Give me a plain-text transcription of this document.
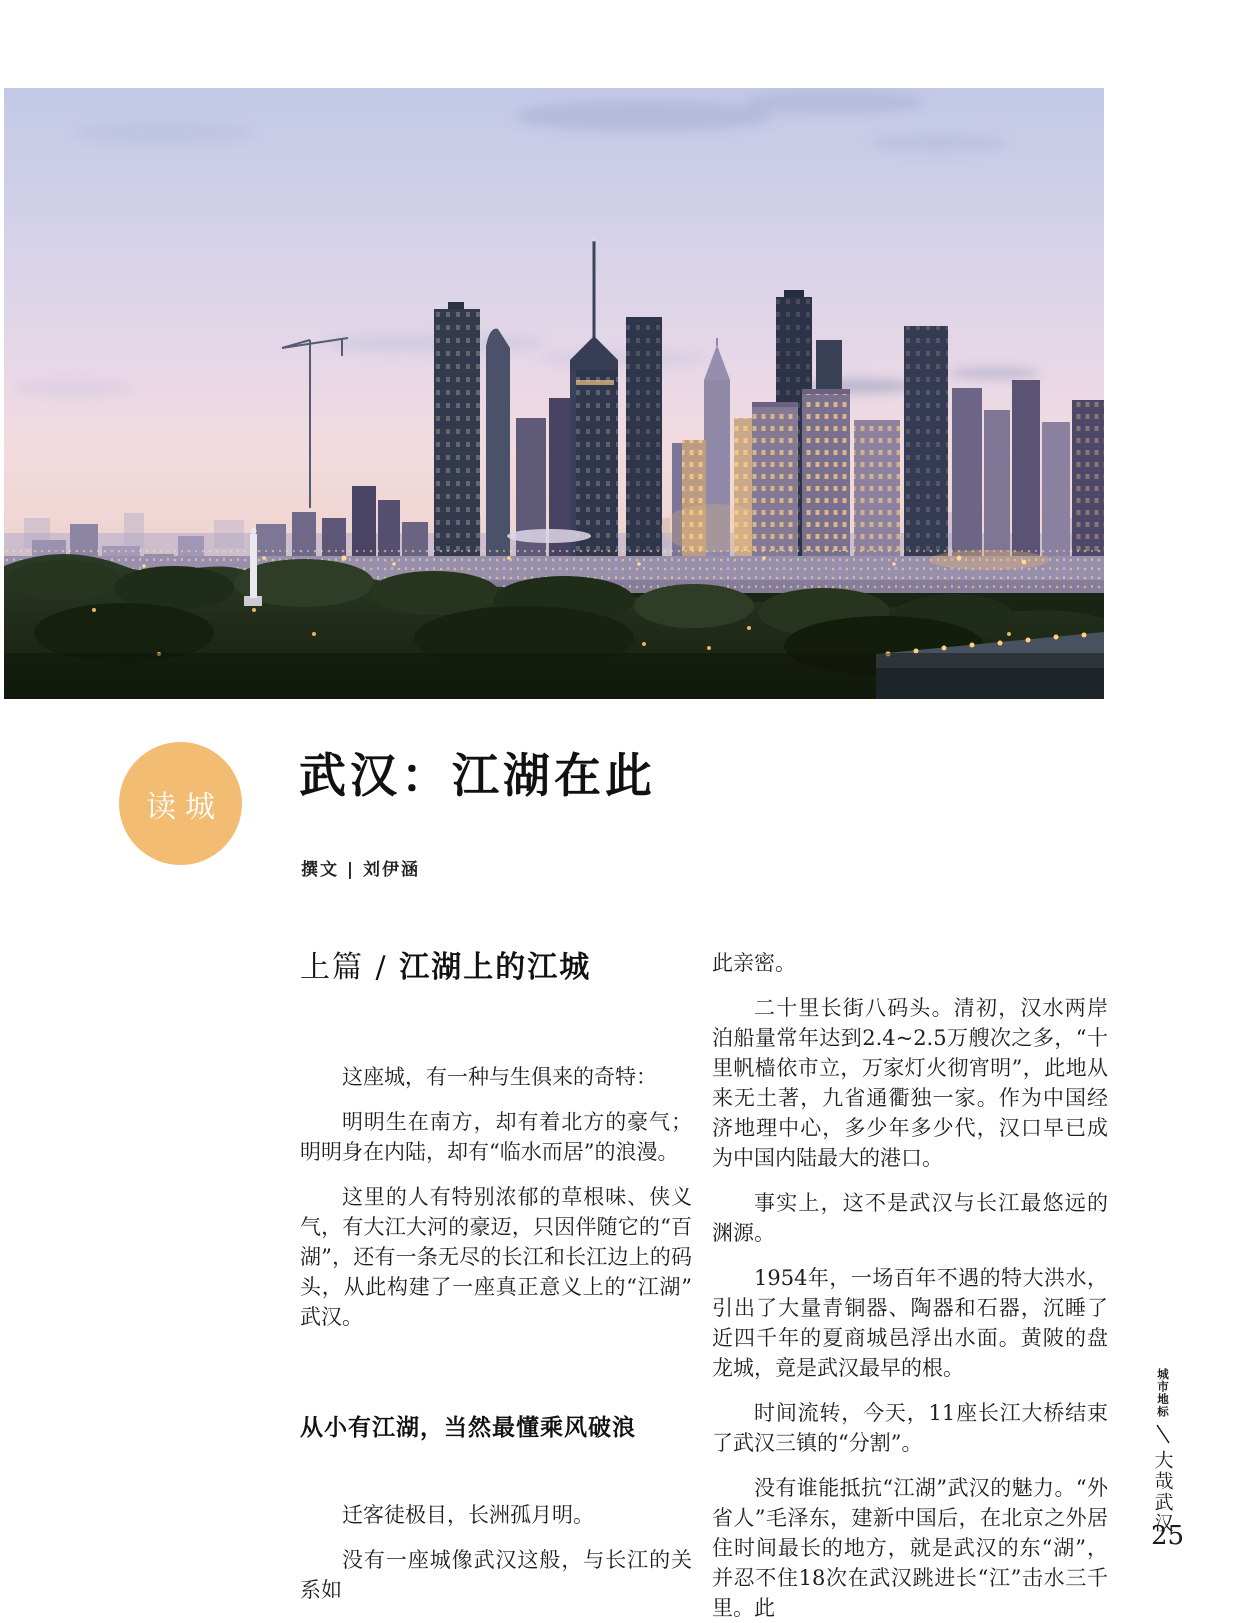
读城
武汉：江湖在此
撰文 | 刘伊涵
上篇 / 江湖上的江城

这座城，有一种与生俱来的奇特：

明明生在南方，却有着北方的豪气；明明身在内陆，却有“临水而居”的浪漫。

这里的人有特别浓郁的草根味、侠义气，有大江大河的豪迈，只因伴随它的“百湖”，还有一条无尽的长江和长江边上的码头，从此构建了一座真正意义上的“江湖”武汉。

从小有江湖，当然最懂乘风破浪

迁客徒极目，长洲孤月明。

没有一座城像武汉这般，与长江的关系如

此亲密。

二十里长街八码头。清初，汉水两岸泊船量常年达到2.4~2.5万艘次之多，“十里帆樯依市立，万家灯火彻宵明”，此地从来无土著，九省通衢独一家。作为中国经济地理中心，多少年多少代，汉口早已成为中国内陆最大的港口。

事实上，这不是武汉与长江最悠远的渊源。

1954年，一场百年不遇的特大洪水，引出了大量青铜器、陶器和石器，沉睡了近四千年的夏商城邑浮出水面。黄陂的盘龙城，竟是武汉最早的根。

时间流转，今天，11座长江大桥结束了武汉三镇的“分割”。

没有谁能抵抗“江湖”武汉的魅力。“外省人”毛泽东，建新中国后，在北京之外居住时间最长的地方，就是武汉的东“湖”，并忍不住18次在武汉跳进长“江”击水三千里。此

城市地标
大哉武汉
25
